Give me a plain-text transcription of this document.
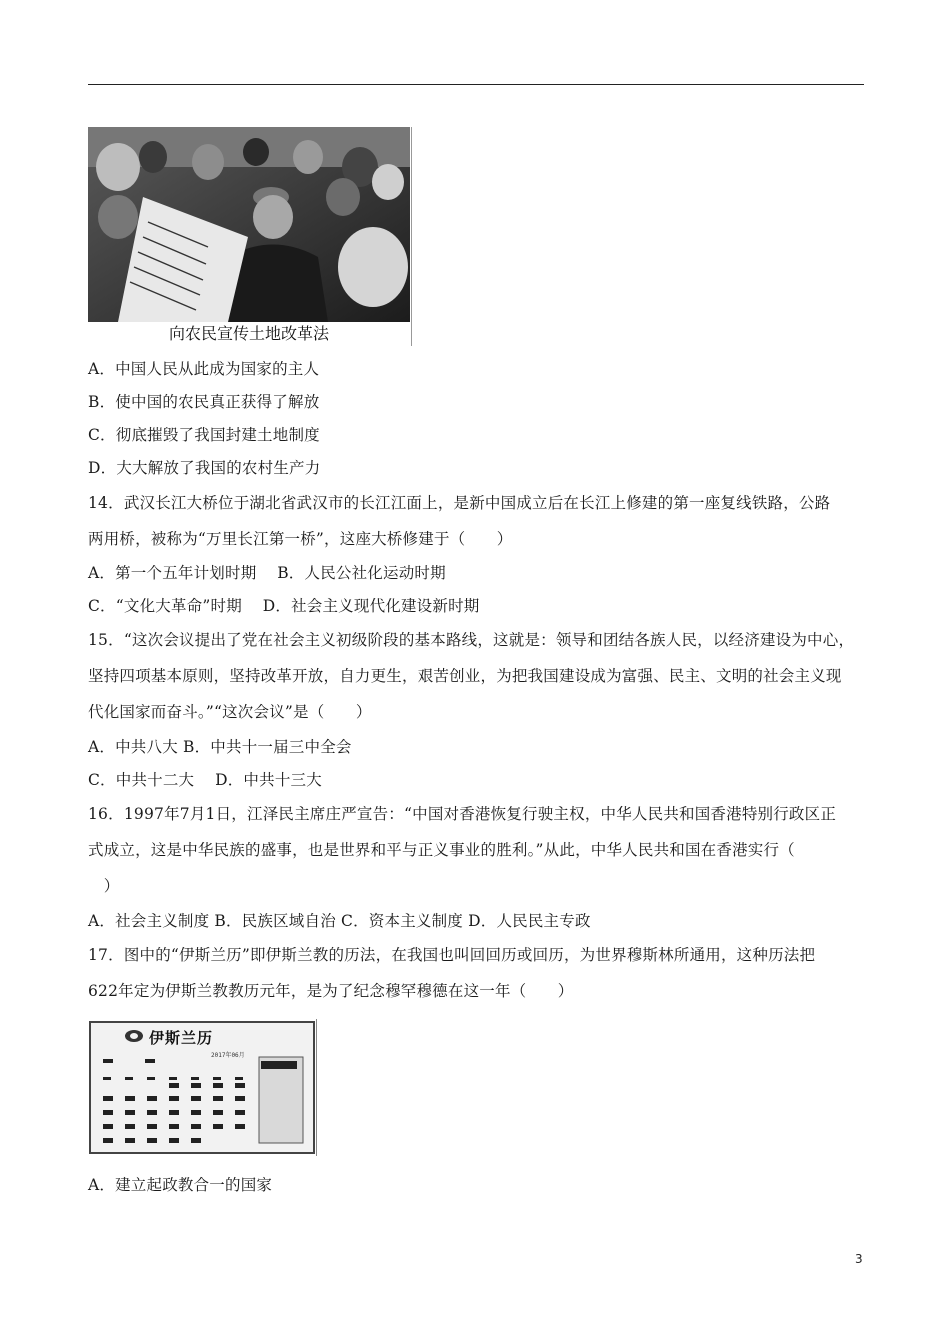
向农民宣传土地改革法
A．中国人民从此成为国家的主人
B．使中国的农民真正获得了解放
C．彻底摧毁了我国封建土地制度
D．大大解放了我国的农村生产力
14．武汉长江大桥位于湖北省武汉市的长江江面上，是新中国成立后在长江上修建的第一座复线铁路，公路
两用桥，被称为“万里长江第一桥”，这座大桥修建于（　　）
A．第一个五年计划时期　 B．人民公社化运动时期
C．“文化大革命”时期　 D．社会主义现代化建设新时期
15．“这次会议提出了党在社会主义初级阶段的基本路线，这就是：领导和团结各族人民，以经济建设为中心，
坚持四项基本原则，坚持改革开放，自力更生，艰苦创业，为把我国建设成为富强、民主、文明的社会主义现
代化国家而奋斗。”“这次会议”是（　　）
A．中共八大 B．中共十一届三中全会
C．中共十二大　 D．中共十三大
16．1997年7月1日，江泽民主席庄严宣告：“中国对香港恢复行驶主权，中华人民共和国香港特别行政区正
式成立，这是中华民族的盛事，也是世界和平与正义事业的胜利。”从此，中华人民共和国在香港实行（
　）
A．社会主义制度 B．民族区域自治 C．资本主义制度 D．人民民主专政
17．图中的“伊斯兰历”即伊斯兰教的历法，在我国也叫回回历或回历，为世界穆斯林所通用，这种历法把
622年定为伊斯兰教教历元年，是为了纪念穆罕穆德在这一年（　　）
伊斯兰历
2017年06月
A．建立起政教合一的国家
3
